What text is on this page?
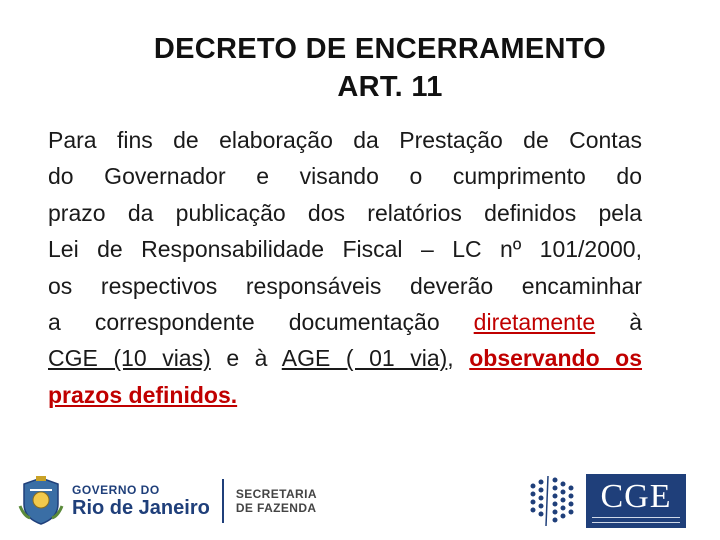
DECRETO DE ENCERRAMENTO
ART. 11
Para fins de elaboração da Prestação de Contas
do Governador e visando o cumprimento do
prazo da publicação dos relatórios definidos pela
Lei de Responsabilidade Fiscal – LC nº 101/2000,
os respectivos responsáveis deverão encaminhar
a correspondente documentação diretamente à
CGE (10 vias) e à AGE ( 01 via), observando os
prazos definidos.
GOVERNO DO
Rio de Janeiro
SECRETARIA
DE FAZENDA	CGE
